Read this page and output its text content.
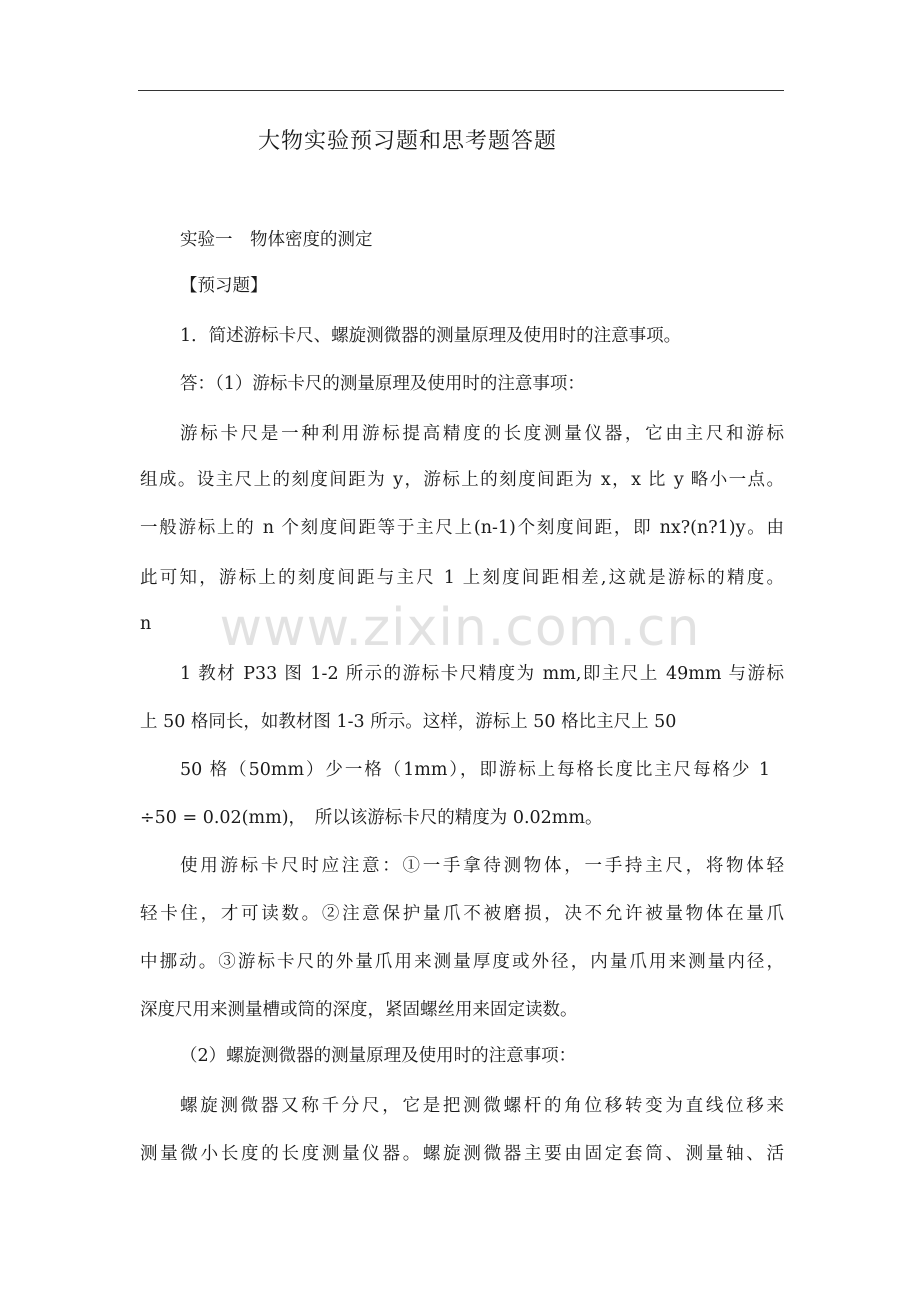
大物实验预习题和思考题答题
实验一　物体密度的测定
【预习题】
1．简述游标卡尺、螺旋测微器的测量原理及使用时的注意事项。
答：（1）游标卡尺的测量原理及使用时的注意事项：
游标卡尺是一种利用游标提高精度的长度测量仪器，它由主尺和游标
组成。设主尺上的刻度间距为 y，游标上的刻度间距为 x，x 比 y 略小一点。
一般游标上的 n 个刻度间距等于主尺上(n-1)个刻度间距，即 nx?(n?1)y。由
此可知，游标上的刻度间距与主尺 1 上刻度间距相差,这就是游标的精度。
n
1 教材 P33 图 1-2 所示的游标卡尺精度为 mm,即主尺上 49mm 与游标
上 50 格同长，如教材图 1-3 所示。这样，游标上 50 格比主尺上 50
50 格（50mm）少一格（1mm），即游标上每格长度比主尺每格少 1
÷50 = 0.02(mm)，　所以该游标卡尺的精度为 0.02mm。
使用游标卡尺时应注意：①一手拿待测物体，一手持主尺，将物体轻
轻卡住，才可读数。②注意保护量爪不被磨损，决不允许被量物体在量爪
中挪动。③游标卡尺的外量爪用来测量厚度或外径，内量爪用来测量内径，
深度尺用来测量槽或筒的深度，紧固螺丝用来固定读数。
（2）螺旋测微器的测量原理及使用时的注意事项：
螺旋测微器又称千分尺，它是把测微螺杆的角位移转变为直线位移来
测量微小长度的长度测量仪器。螺旋测微器主要由固定套筒、测量轴、活
www.zixin.com.cn
